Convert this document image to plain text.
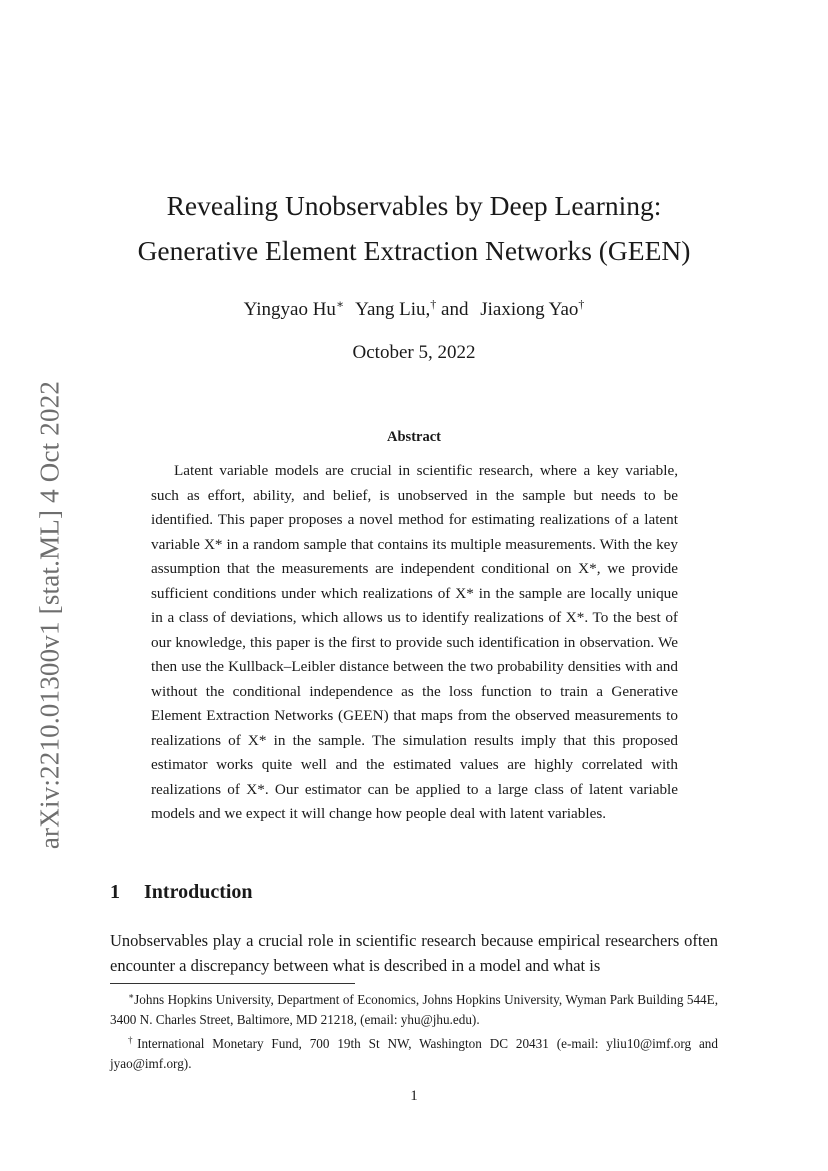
arXiv:2210.01300v1 [stat.ML] 4 Oct 2022
Revealing Unobservables by Deep Learning:
Generative Element Extraction Networks (GEEN)
Yingyao Hu∗ Yang Liu,† and Jiaxiong Yao†
October 5, 2022
Abstract
Latent variable models are crucial in scientific research, where a key variable, such as effort, ability, and belief, is unobserved in the sample but needs to be identified. This paper proposes a novel method for estimating realizations of a latent variable X* in a random sample that contains its multiple measurements. With the key assumption that the measurements are independent conditional on X*, we provide sufficient conditions under which realizations of X* in the sample are locally unique in a class of deviations, which allows us to identify realizations of X*. To the best of our knowledge, this paper is the first to provide such identification in observation. We then use the Kullback–Leibler distance between the two probability densities with and without the conditional independence as the loss function to train a Generative Element Extraction Networks (GEEN) that maps from the observed measurements to realizations of X* in the sample. The simulation results imply that this proposed estimator works quite well and the estimated values are highly correlated with realizations of X*. Our estimator can be applied to a large class of latent variable models and we expect it will change how people deal with latent variables.
1 Introduction
Unobservables play a crucial role in scientific research because empirical researchers often encounter a discrepancy between what is described in a model and what is

∗Johns Hopkins University, Department of Economics, Johns Hopkins University, Wyman Park Building 544E, 3400 N. Charles Street, Baltimore, MD 21218, (email: yhu@jhu.edu).

†International Monetary Fund, 700 19th St NW, Washington DC 20431 (e-mail: yliu10@imf.org and jyao@imf.org).

1
